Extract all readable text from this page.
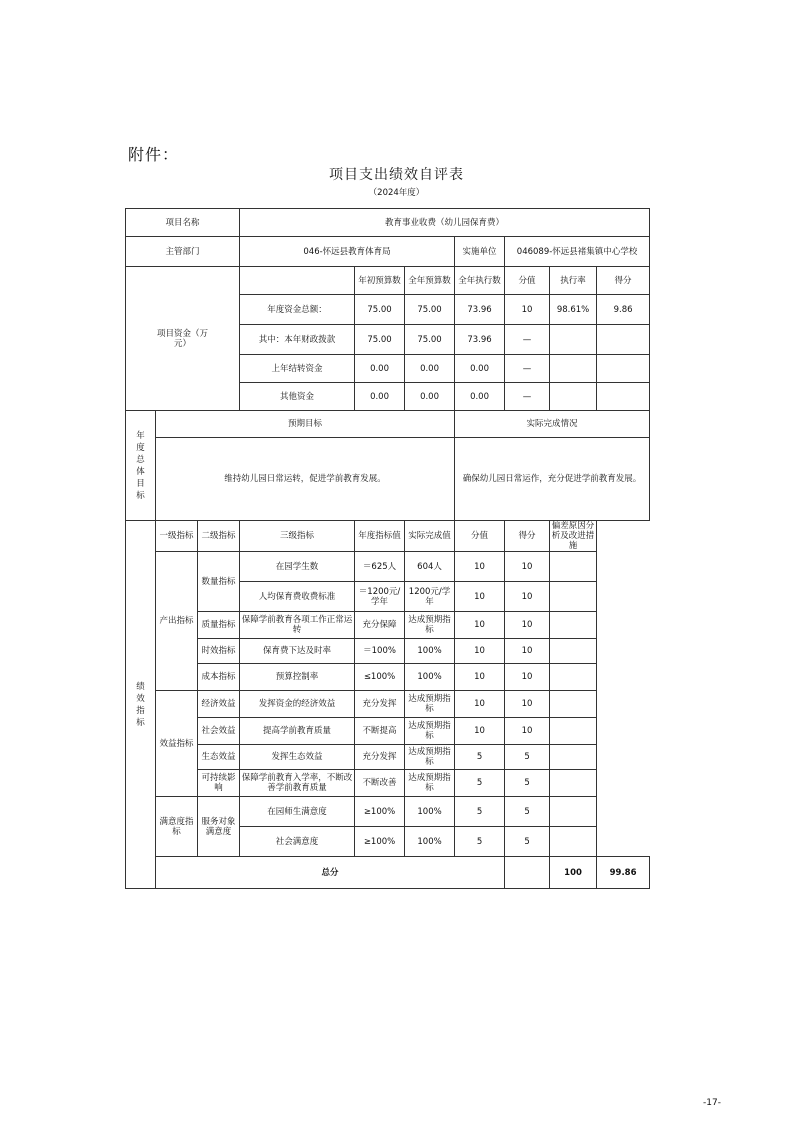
附件：
项目支出绩效自评表
（2024年度）
项目名称			教育事业收费（幼儿园保育费）							
主管部门			046-怀远县教育体育局			实施单位	046089-怀远县褚集镇中心学校			
项目资金（万元）				年初预算数	全年预算数	全年执行数	分值	执行率	得分	
			年度资金总额：	75.00	75.00	73.96	10	98.61%	9.86	
			其中：本年财政拨款	75.00	75.00	73.96	—			
			上年结转资金	0.00	0.00	0.00	—			
			其他资金	0.00	0.00	0.00	—			
年度总体目标	预期目标					实际完成情况				
	维持幼儿园日常运转，促进学前教育发展。					确保幼儿园日常运作，充分促进学前教育发展。				
绩效指标	一级指标	二级指标	三级指标	年度指标值	实际完成值	分值	得分	偏差原因分析及改进措施		
	产出指标	数量指标	在园学生数	＝625人	604人	10	10			
			人均保育费收费标准	＝1200元/学年	1200元/学年	10	10			
		质量指标	保障学前教育各项工作正常运转	充分保障	达成预期指标	10	10			
		时效指标	保育费下达及时率	＝100%	100%	10	10			
		成本指标	预算控制率	≤100%	100%	10	10			
	效益指标	经济效益	发挥资金的经济效益	充分发挥	达成预期指标	10	10			
		社会效益	提高学前教育质量	不断提高	达成预期指标	10	10			
		生态效益	发挥生态效益	充分发挥	达成预期指标	5	5			
		可持续影响	保障学前教育入学率，不断改善学前教育质量	不断改善	达成预期指标	5	5			
	满意度指标	服务对象满意度	在园师生满意度	≥100%	100%	5	5			
			社会满意度	≥100%	100%	5	5			
	总分							100	99.86	
-17-
